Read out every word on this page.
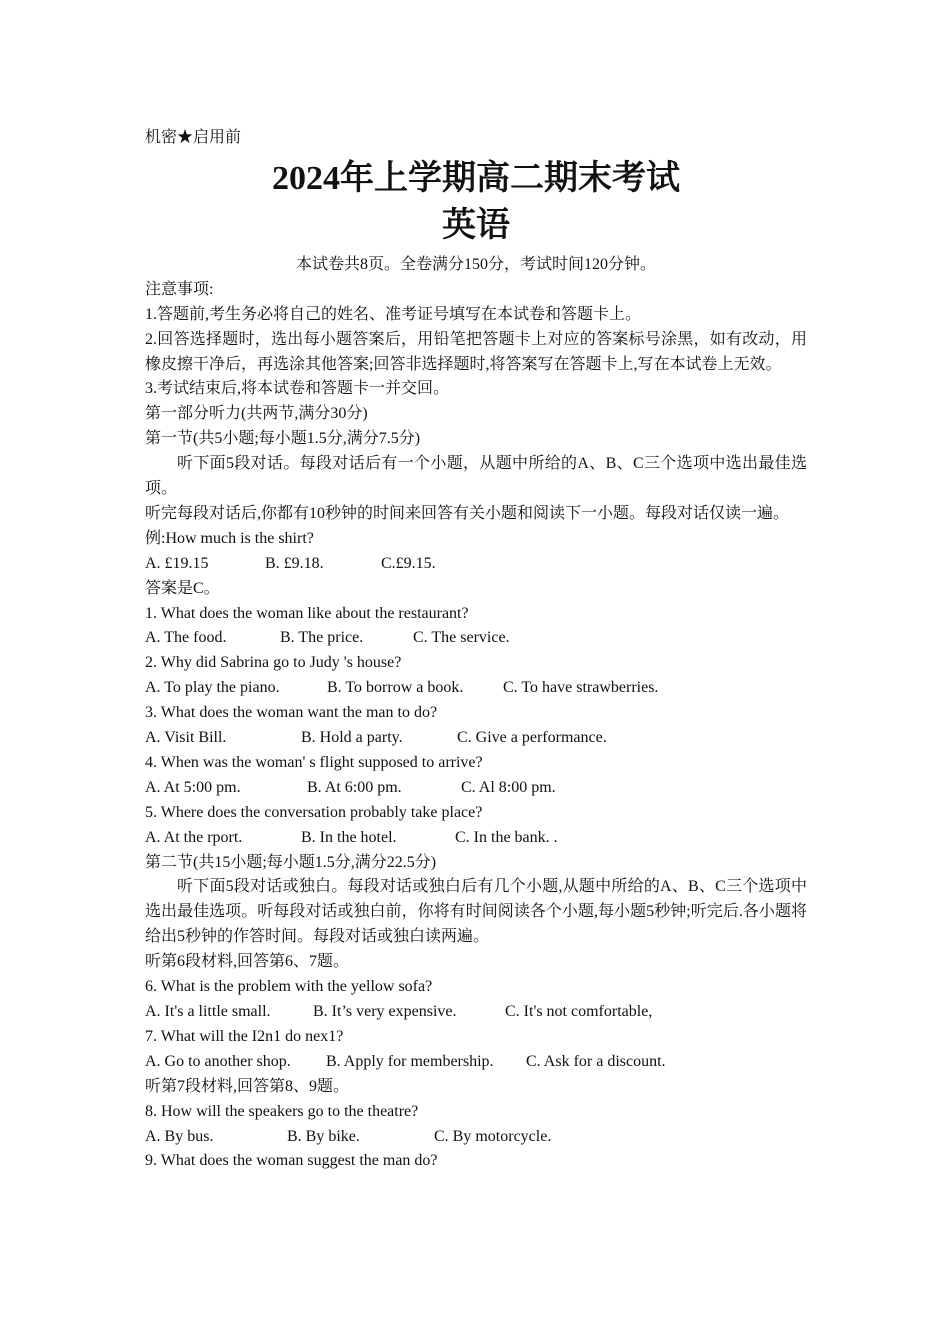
机密★启用前
2024年上学期高二期末考试
英语
本试卷共8页。全卷满分150分，考试时间120分钟。
注意事项:
1.答题前,考生务必将自己的姓名、准考证号填写在本试卷和答题卡上。
2.回答选择题时，选出每小题答案后，用铅笔把答题卡上对应的答案标号涂黑，如有改动，用橡皮擦干净后，再选涂其他答案;回答非选择题时,将答案写在答题卡上,写在本试卷上无效。
3.考试结束后,将本试卷和答题卡一并交回。
第一部分听力(共两节,满分30分)
第一节(共5小题;每小题1.5分,满分7.5分)
听下面5段对话。每段对话后有一个小题，从题中所给的A、B、C三个选项中选出最佳选项。
听完每段对话后,你都有10秒钟的时间来回答有关小题和阅读下一小题。每段对话仅读一遍。
例:How much is the shirt?
A. £19.15	B. £9.18.	C.£9.15.
答案是C。
1. What does the woman like about the restaurant?
A. The food.	B. The price.	C. The service.
2. Why did Sabrina go to Judy 's house?
A. To play the piano.	B. To borrow a book. C. To have strawberries.
3. What does the woman want the man to do?
A. Visit Bill.	B. Hold a party.	C. Give a performance.
4. When was the woman' s flight supposed to arrive?
A. At 5:00 pm.	B. At 6:00 pm.	C. Al 8:00 pm.
5. Where does the conversation probably take place?
A. At the rport.	B. In the hotel.	C. In the bank. .
第二节(共15小题;每小题1.5分,满分22.5分)
听下面5段对话或独白。每段对话或独白后有几个小题,从题中所给的A、B、C三个选项中选出最佳选项。听每段对话或独白前，你将有时间阅读各个小题,每小题5秒钟;听完后.各小题将给出5秒钟的作答时间。每段对话或独白读两遍。
听第6段材料,回答第6、7题。
6. What is the problem with the yellow sofa?
A. It's a little small.	B. It’s very expensive.	C. It's not comfortable,
7. What will the I2n1 do nex1?
A. Go to another shop. B. Apply for membership. C. Ask for a discount.
听第7段材料,回答第8、9题。
8. How will the speakers go to the theatre?
A. By bus.	B. By bike.	C. By motorcycle.
9. What does the woman suggest the man do?
